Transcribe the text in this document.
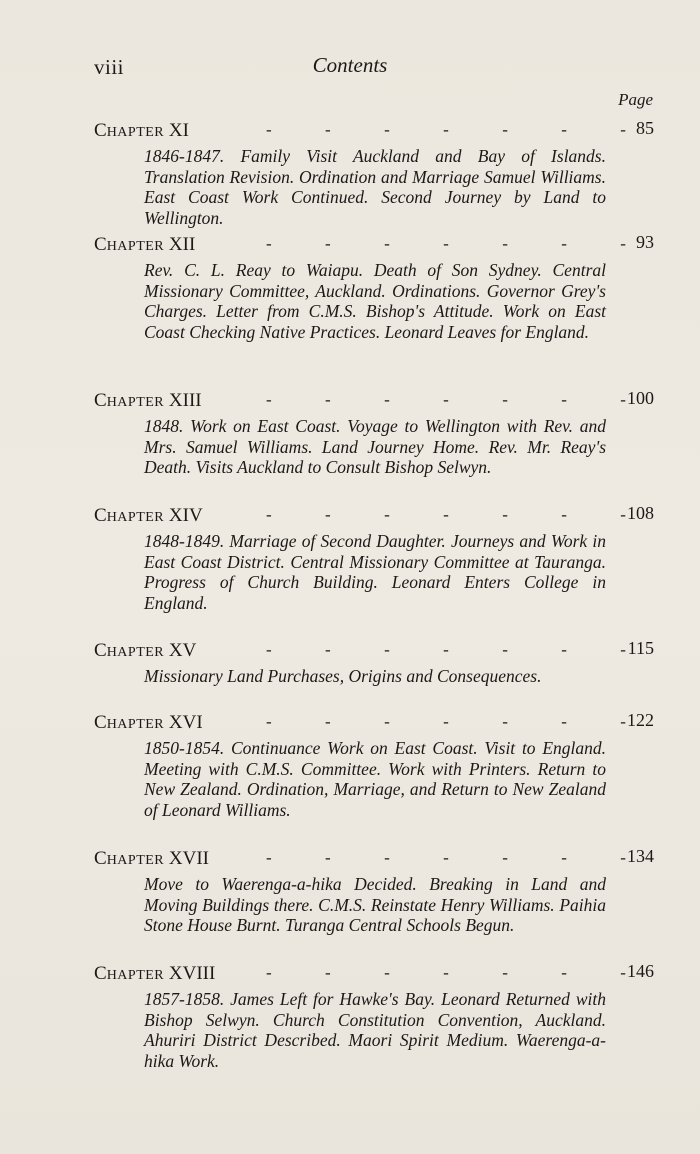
viii	Contents
Page
CHAPTER XI	-	-	-	-	-	-	- 85

1846-1847. Family Visit Auckland and Bay of Islands. Translation Revision. Ordination and Marriage Samuel Williams. East Coast Work Continued. Second Journey by Land to Wellington.

CHAPTER XII	-	-	-	-	-	-	- 93

Rev. C. L. Reay to Waiapu. Death of Son Sydney. Central Missionary Committee, Auckland. Ordinations. Governor Grey's Charges. Letter from C.M.S. Bishop's Attitude. Work on East Coast Checking Native Practices. Leonard Leaves for England.

CHAPTER XIII	-	-	-	-	-	-	- 100

1848. Work on East Coast. Voyage to Wellington with Rev. and Mrs. Samuel Williams. Land Journey Home. Rev. Mr. Reay's Death. Visits Auckland to Consult Bishop Selwyn.

CHAPTER XIV	-	-	-	-	-	-	- 108

1848-1849. Marriage of Second Daughter. Journeys and Work in East Coast District. Central Missionary Committee at Tauranga. Progress of Church Building. Leonard Enters College in England.

CHAPTER XV	-	-	-	-	-	-	- 115

Missionary Land Purchases, Origins and Consequences.

CHAPTER XVI	-	-	-	-	-	-	- 122

1850-1854. Continuance Work on East Coast. Visit to England. Meeting with C.M.S. Committee. Work with Printers. Return to New Zealand. Ordination, Marriage, and Return to New Zealand of Leonard Williams.

CHAPTER XVII	-	-	-	-	-	-	- 134

Move to Waerenga-a-hika Decided. Breaking in Land and Moving Buildings there. C.M.S. Reinstate Henry Williams. Paihia Stone House Burnt. Turanga Central Schools Begun.

CHAPTER XVIII	-	-	-	-	-	-	- 146

1857-1858. James Left for Hawke's Bay. Leonard Returned with Bishop Selwyn. Church Constitution Convention, Auckland. Ahuriri District Described. Maori Spirit Medium. Waerenga-a-hika Work.
